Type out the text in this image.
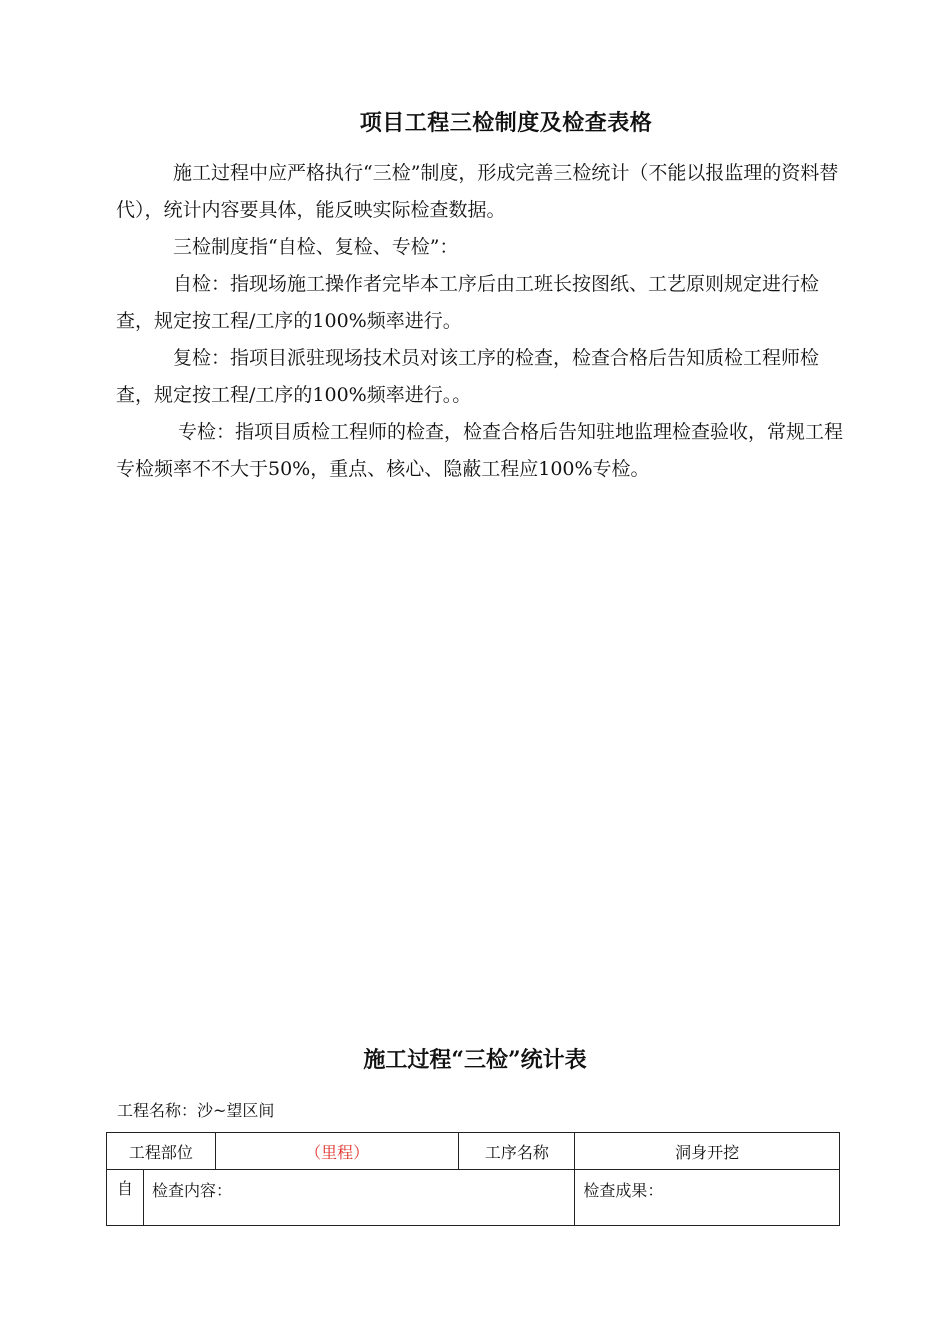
项目工程三检制度及检查表格

施工过程中应严格执行“三检”制度，形成完善三检统计（不能以报监理的资料替代），统计内容要具体，能反映实际检查数据。

三检制度指“自检、复检、专检”：

自检：指现场施工操作者完毕本工序后由工班长按图纸、工艺原则规定进行检查，规定按工程/工序的100%频率进行。

复检：指项目派驻现场技术员对该工序的检查，检查合格后告知质检工程师检查，规定按工程/工序的100%频率进行。。

专检：指项目质检工程师的检查，检查合格后告知驻地监理检查验收，常规工程专检频率不不大于50%，重点、核心、隐蔽工程应100%专检。

施工过程“三检”统计表
工程名称：沙~望区间
工程部位		（里程）	工序名称	洞身开挖
自	检查内容：			检查成果：
